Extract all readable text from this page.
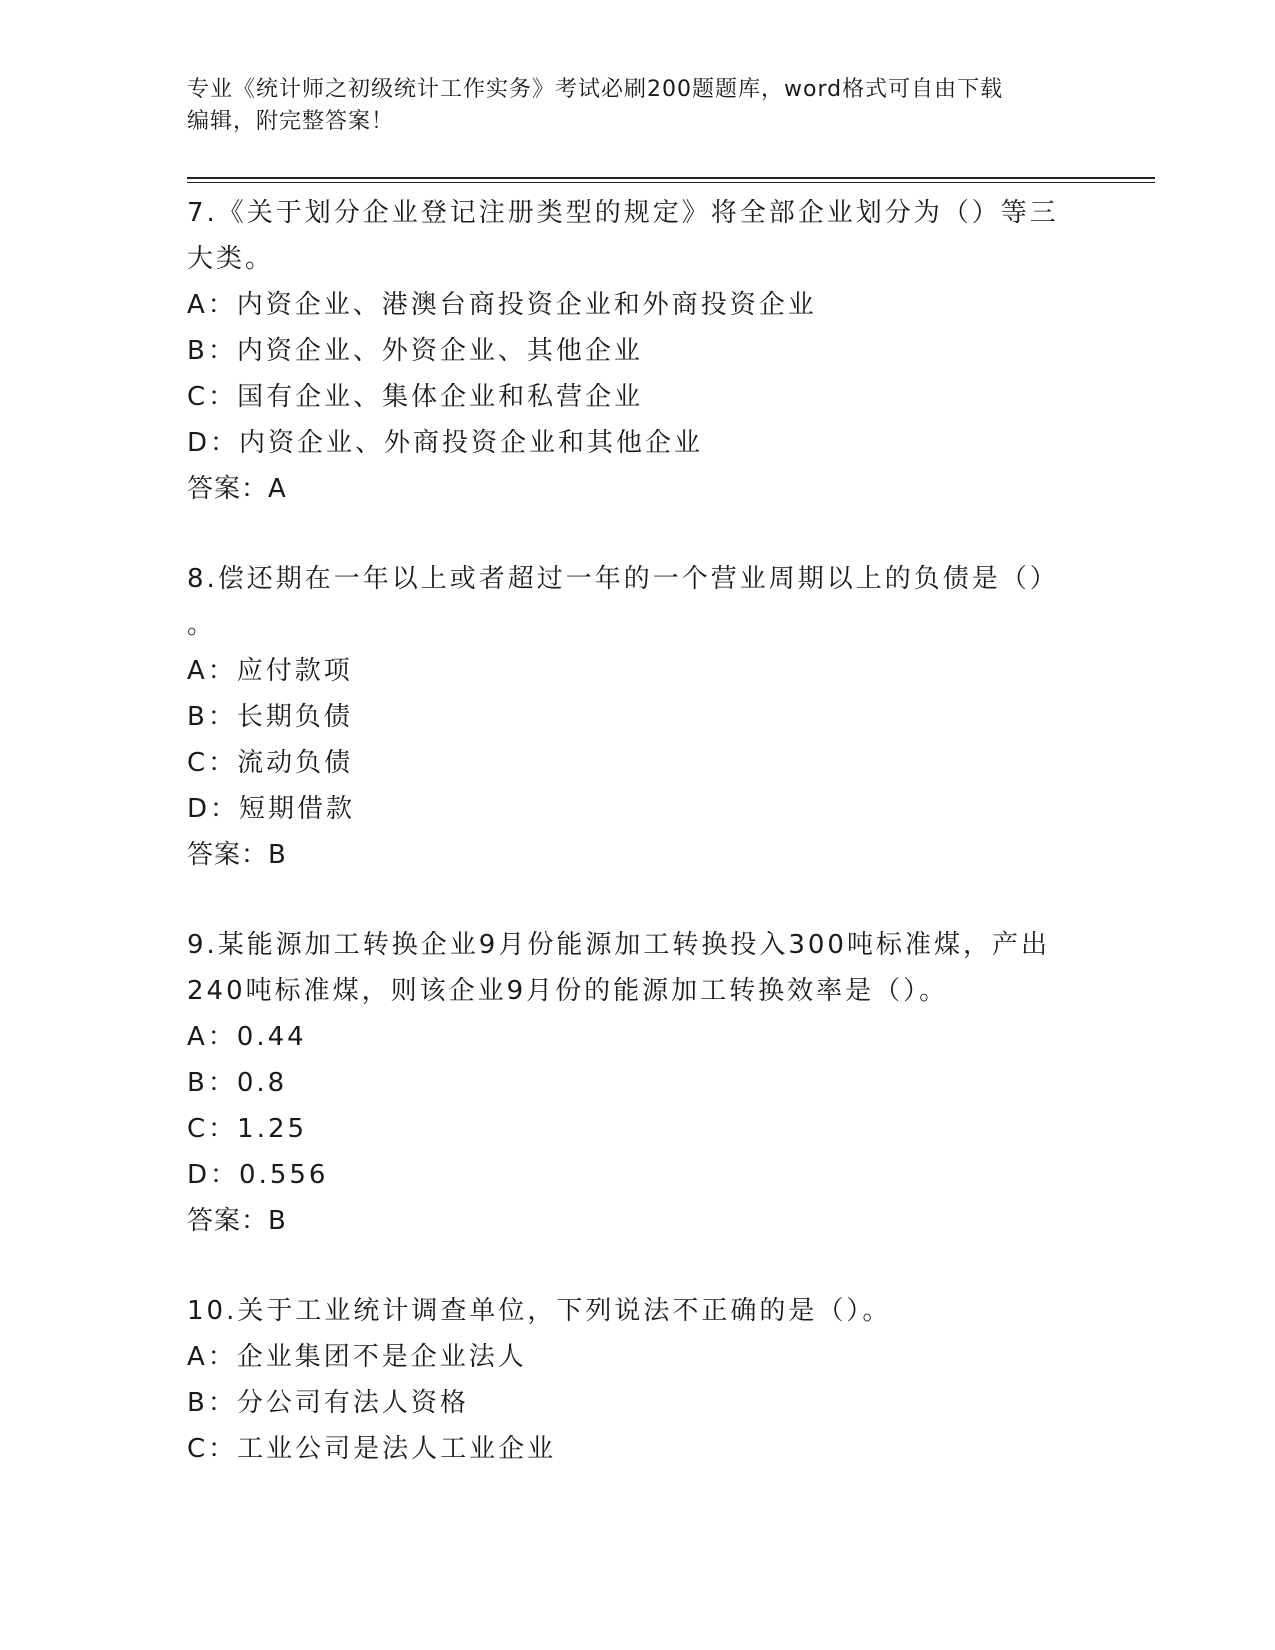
专业《统计师之初级统计工作实务》考试必刷200题题库，word格式可自由下载
编辑，附完整答案！

7.《关于划分企业登记注册类型的规定》将全部企业划分为（）等三

大类。

A：内资企业、港澳台商投资企业和外商投资企业

B：内资企业、外资企业、其他企业

C：国有企业、集体企业和私营企业

D：内资企业、外商投资企业和其他企业

答案：A

8.偿还期在一年以上或者超过一年的一个营业周期以上的负债是（）

。

A：应付款项

B：长期负债

C：流动负债

D：短期借款

答案：B

9.某能源加工转换企业9月份能源加工转换投入300吨标准煤，产出

240吨标准煤，则该企业9月份的能源加工转换效率是（）。

A：0.44

B：0.8

C：1.25

D：0.556

答案：B

10.关于工业统计调查单位，下列说法不正确的是（）。

A：企业集团不是企业法人

B：分公司有法人资格

C：工业公司是法人工业企业
